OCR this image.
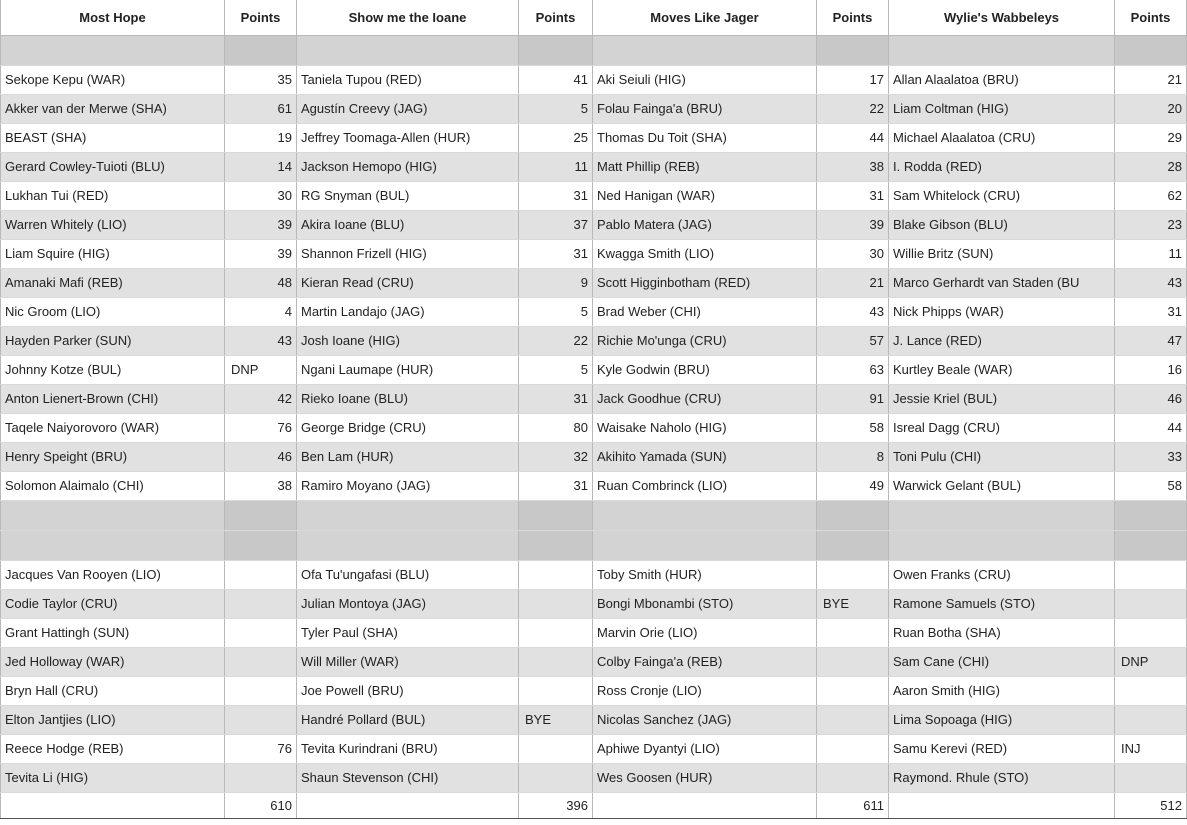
Most Hope	Points	Show me the Ioane	Points	Moves Like Jager	Points	Wylie's Wabbeleys	Points

Sekope Kepu (WAR)	35	Taniela Tupou (RED)	41	Aki Seiuli (HIG)	17	Allan Alaalatoa (BRU)	21
Akker van der Merwe (SHA)	61	Agustín Creevy (JAG)	5	Folau Fainga'a (BRU)	22	Liam Coltman (HIG)	20
BEAST (SHA)	19	Jeffrey Toomaga-Allen (HUR)	25	Thomas Du Toit (SHA)	44	Michael Alaalatoa (CRU)	29
Gerard Cowley-Tuioti (BLU)	14	Jackson Hemopo (HIG)	11	Matt Phillip (REB)	38	I. Rodda (RED)	28
Lukhan Tui (RED)	30	RG Snyman (BUL)	31	Ned Hanigan (WAR)	31	Sam Whitelock (CRU)	62
Warren Whitely (LIO)	39	Akira Ioane (BLU)	37	Pablo Matera (JAG)	39	Blake Gibson (BLU)	23
Liam Squire (HIG)	39	Shannon Frizell (HIG)	31	Kwagga Smith (LIO)	30	Willie Britz (SUN)	11
Amanaki Mafi (REB)	48	Kieran Read (CRU)	9	Scott Higginbotham (RED)	21	Marco Gerhardt van Staden (BU	43
Nic Groom (LIO)	4	Martin Landajo (JAG)	5	Brad Weber (CHI)	43	Nick Phipps (WAR)	31
Hayden Parker (SUN)	43	Josh Ioane (HIG)	22	Richie Mo'unga (CRU)	57	J. Lance (RED)	47
Johnny Kotze (BUL)	DNP	Ngani Laumape (HUR)	5	Kyle Godwin (BRU)	63	Kurtley Beale (WAR)	16
Anton Lienert-Brown (CHI)	42	Rieko Ioane (BLU)	31	Jack Goodhue (CRU)	91	Jessie Kriel (BUL)	46
Taqele Naiyorovoro (WAR)	76	George Bridge (CRU)	80	Waisake Naholo (HIG)	58	Isreal Dagg (CRU)	44
Henry Speight (BRU)	46	Ben Lam (HUR)	32	Akihito Yamada (SUN)	8	Toni Pulu (CHI)	33
Solomon Alaimalo (CHI)	38	Ramiro Moyano (JAG)	31	Ruan Combrinck (LIO)	49	Warwick Gelant (BUL)	58

Jacques Van Rooyen (LIO)		Ofa Tu'ungafasi (BLU)		Toby Smith (HUR)		Owen Franks (CRU)	
Codie Taylor (CRU)		Julian Montoya (JAG)		Bongi Mbonambi (STO)	BYE	Ramone Samuels (STO)	
Grant Hattingh (SUN)		Tyler Paul (SHA)		Marvin Orie (LIO)		Ruan Botha (SHA)	
Jed Holloway (WAR)		Will Miller (WAR)		Colby Fainga'a (REB)		Sam Cane (CHI)	DNP
Bryn Hall (CRU)		Joe Powell (BRU)		Ross Cronje (LIO)		Aaron Smith (HIG)	
Elton Jantjies (LIO)		Handré Pollard (BUL)	BYE	Nicolas Sanchez (JAG)		Lima Sopoaga (HIG)	
Reece Hodge (REB)	76	Tevita Kurindrani (BRU)		Aphiwe Dyantyi (LIO)		Samu Kerevi (RED)	INJ
Tevita Li (HIG)		Shaun Stevenson (CHI)		Wes Goosen (HUR)		Raymond. Rhule (STO)	
	610		396		611		512
